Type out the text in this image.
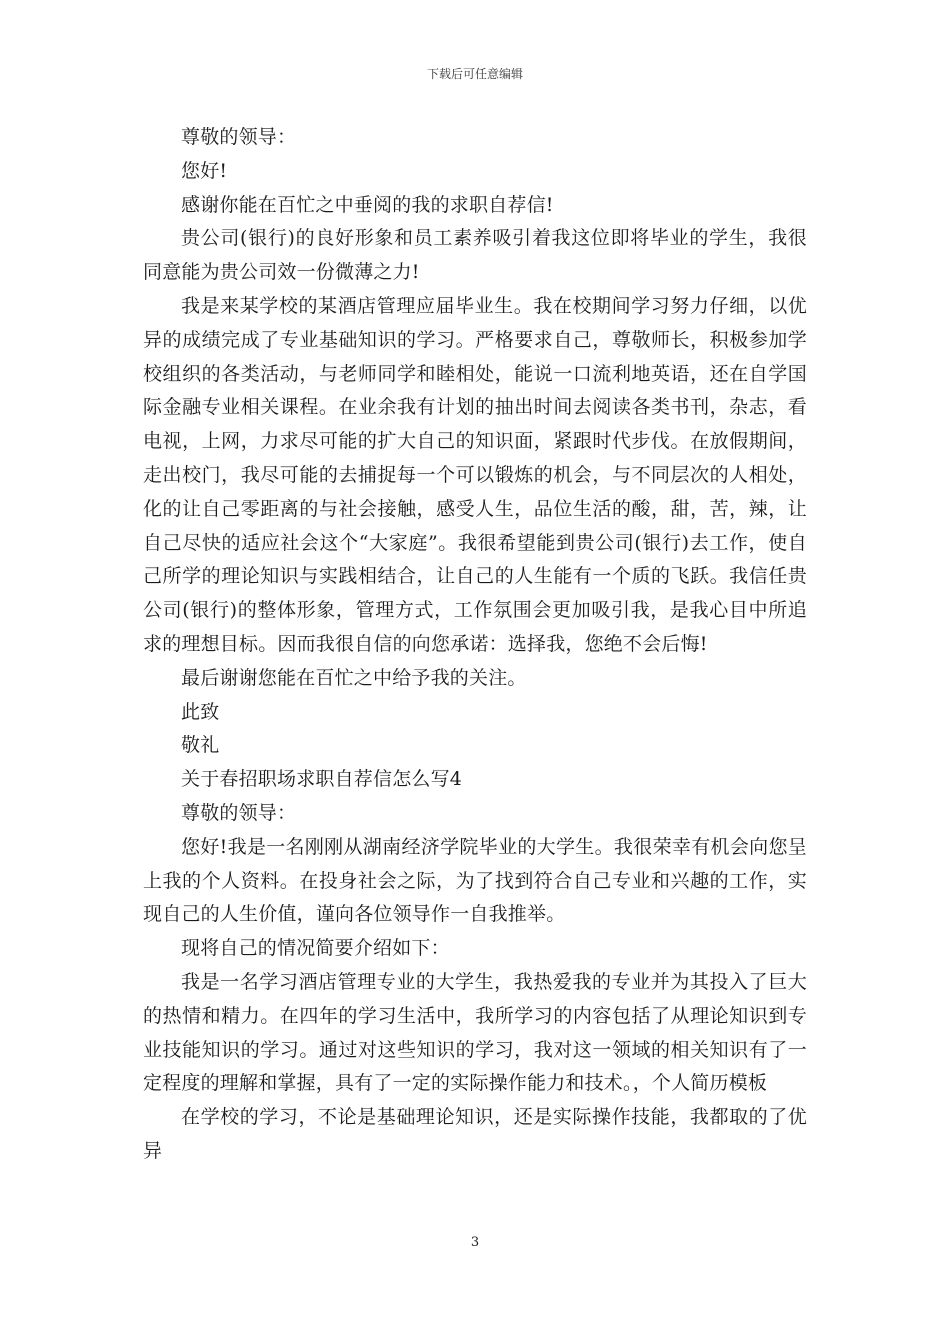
下载后可任意编辑

尊敬的领导：

您好!

感谢你能在百忙之中垂阅的我的求职自荐信!

贵公司(银行)的良好形象和员工素养吸引着我这位即将毕业的学生，我很同意能为贵公司效一份微薄之力!

我是来某学校的某酒店管理应届毕业生。我在校期间学习努力仔细，以优异的成绩完成了专业基础知识的学习。严格要求自己，尊敬师长，积极参加学校组织的各类活动，与老师同学和睦相处，能说一口流利地英语，还在自学国际金融专业相关课程。在业余我有计划的抽出时间去阅读各类书刊，杂志，看电视，上网，力求尽可能的扩大自己的知识面，紧跟时代步伐。在放假期间，走出校门，我尽可能的去捕捉每一个可以锻炼的机会，与不同层次的人相处，化的让自己零距离的与社会接触，感受人生，品位生活的酸，甜，苦，辣，让自己尽快的适应社会这个“大家庭”。我很希望能到贵公司(银行)去工作，使自己所学的理论知识与实践相结合，让自己的人生能有一个质的飞跃。我信任贵公司(银行)的整体形象，管理方式，工作氛围会更加吸引我，是我心目中所追求的理想目标。因而我很自信的向您承诺：选择我，您绝不会后悔!

最后谢谢您能在百忙之中给予我的关注。

此致

敬礼

关于春招职场求职自荐信怎么写4

尊敬的领导：

您好!我是一名刚刚从湖南经济学院毕业的大学生。我很荣幸有机会向您呈上我的个人资料。在投身社会之际，为了找到符合自己专业和兴趣的工作，实现自己的人生价值，谨向各位领导作一自我推举。

现将自己的情况简要介绍如下：

我是一名学习酒店管理专业的大学生，我热爱我的专业并为其投入了巨大的热情和精力。在四年的学习生活中，我所学习的内容包括了从理论知识到专业技能知识的学习。通过对这些知识的学习，我对这一领域的相关知识有了一定程度的理解和掌握，具有了一定的实际操作能力和技术。，个人简历模板

在学校的学习，不论是基础理论知识，还是实际操作技能，我都取的了优异

3
